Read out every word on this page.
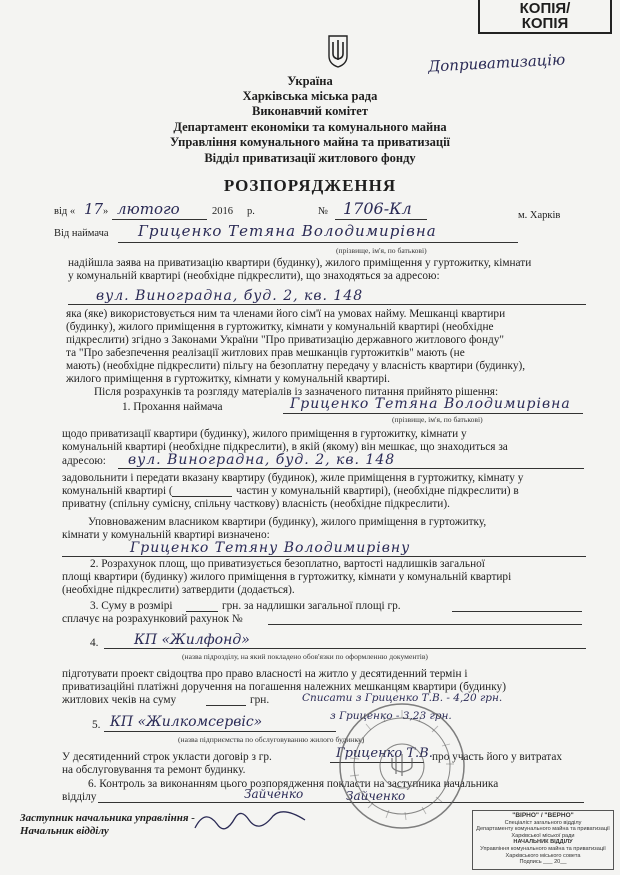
КОПІЯ/
КОПІЯ
Доприватизацію
Україна
Харківська міська рада
Виконавчий комітет
Департамент економіки та комунального майна
Управління комунального майна та приватизації
Відділ приватизації житлового фонду
РОЗПОРЯДЖЕННЯ
від « 17 » лютого	2016 р.	№ 1706-Кл	м. Харків
Від наймача Гриценко Тетяна Володимирівна
(прізвище, ім'я, по батькові)
надійшла заява на приватизацію квартири (будинку), жилого приміщення у гуртожитку, кімнати
у комунальній квартирі (необхідне підкреслити), що знаходяться за адресою:
вул. Виноградна, буд. 2, кв. 148
яка (яке) використовується ним та членами його сім'ї на умовах найму. Мешканці квартири
(будинку), жилого приміщення в гуртожитку, кімнати у комунальній квартирі (необхідне
підкреслити) згідно з Законами України "Про приватизацію державного житлового фонду"
та "Про забезпечення реалізації житлових прав мешканців гуртожитків" мають (не
мають) (необхідне підкреслити) пільгу на безоплатну передачу у власність квартири (будинку),
жилого приміщення в гуртожитку, кімнати у комунальній квартирі.
Після розрахунків та розгляду матеріалів із зазначеного питання прийнято рішення:
1. Прохання наймача	Гриценко Тетяна Володимирівна
(прізвище, ім'я, по батькові)
щодо приватизації квартири (будинку), жилого приміщення в гуртожитку, кімнати у
комунальній квартирі (необхідне підкреслити), в якій (якому) він мешкає, що знаходиться за
адресою: вул. Виноградна, буд. 2, кв. 148
задовольнити і передати вказану квартиру (будинок), жиле приміщення в гуртожитку, кімнату у
комунальній квартирі (	частин у комунальній квартирі), (необхідне підкреслити) в
приватну (спільну сумісну, спільну часткову) власність (необхідне підкреслити).
Уповноваженим власником квартири (будинку), жилого приміщення в гуртожитку,
кімнати у комунальній квартирі визначено:
Гриценко Тетяну Володимирівну
2. Розрахунок площ, що приватизується безоплатно, вартості надлишків загальної
площі квартири (будинку) жилого приміщення в гуртожитку, кімнати у комунальній квартирі
(необхідне підкреслити) затвердити (додається).
3. Суму в розмірі	грн. за надлишки загальної площі гр.
сплачує на розрахунковий рахунок №
4.	КП «Жилфонд»
(назва підрозділу, на який покладено обов'язки по оформленню документів)
підготувати проект свідоцтва про право власності на житло у десятиденний термін і
приватизаційні платіжні доручення на погашення належних мешканцям квартири (будинку)
житлових чеків на суму	грн.	Списати з Гриценко Т.В. - 4,20 грн.
з Гриценко - 3,23 грн.
5. КП «Жилкомсервіс»
(назва підприємства по обслуговуванню жилого будинку)
У десятиденний строк укласти договір з гр.	Гриценко Т.В. про участь його у витратах
на обслуговування та ремонт будинку.
6. Контроль за виконанням цього розпорядження покласти на заступника начальника
відділу	Зайченко	Зайченко
Заступник начальника управління -
Начальник відділу
"ВІРНО" / "ВЕРНО"
Спеціаліст загального відділу
Департаменту комунального майна та приватизації
Харківської міської ради
НАЧАЛЬНИК ВІДДІЛУ
Управління комунального майна та приватизації
Харківського міського совета
Подпись ___ 20__
